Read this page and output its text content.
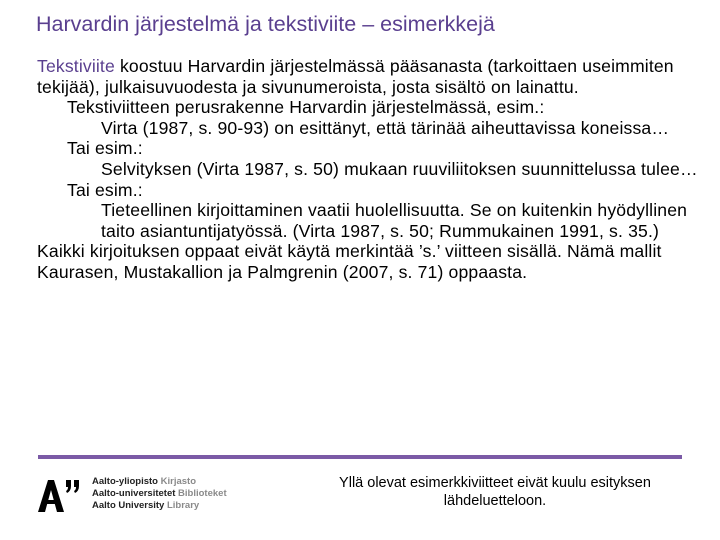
Harvardin järjestelmä ja tekstiviite – esimerkkejä

Tekstiviite koostuu Harvardin järjestelmässä pääsanasta (tarkoittaen useimmiten tekijää), julkaisuvuodesta ja sivunumeroista, josta sisältö on lainattu.

Tekstiviitteen perusrakenne Harvardin järjestelmässä, esim.:

Virta (1987, s. 90-93) on esittänyt, että tärinää aiheuttavissa koneissa…

Tai esim.:

Selvityksen (Virta 1987, s. 50) mukaan ruuviliitoksen suunnittelussa tulee…

Tai esim.:

Tieteellinen kirjoittaminen vaatii huolellisuutta. Se on kuitenkin hyödyllinen taito asiantuntijatyössä. (Virta 1987, s. 50; Rummukainen 1991, s. 35.)

Kaikki kirjoituksen oppaat eivät käytä merkintää ’s.’ viitteen sisällä. Nämä mallit Kaurasen, Mustakallion ja Palmgrenin (2007, s. 71) oppaasta.

Aalto-yliopisto Kirjasto
Aalto-universitetet Biblioteket
Aalto University Library
Yllä olevat esimerkkiviitteet eivät kuulu esityksen lähdeluetteloon.
